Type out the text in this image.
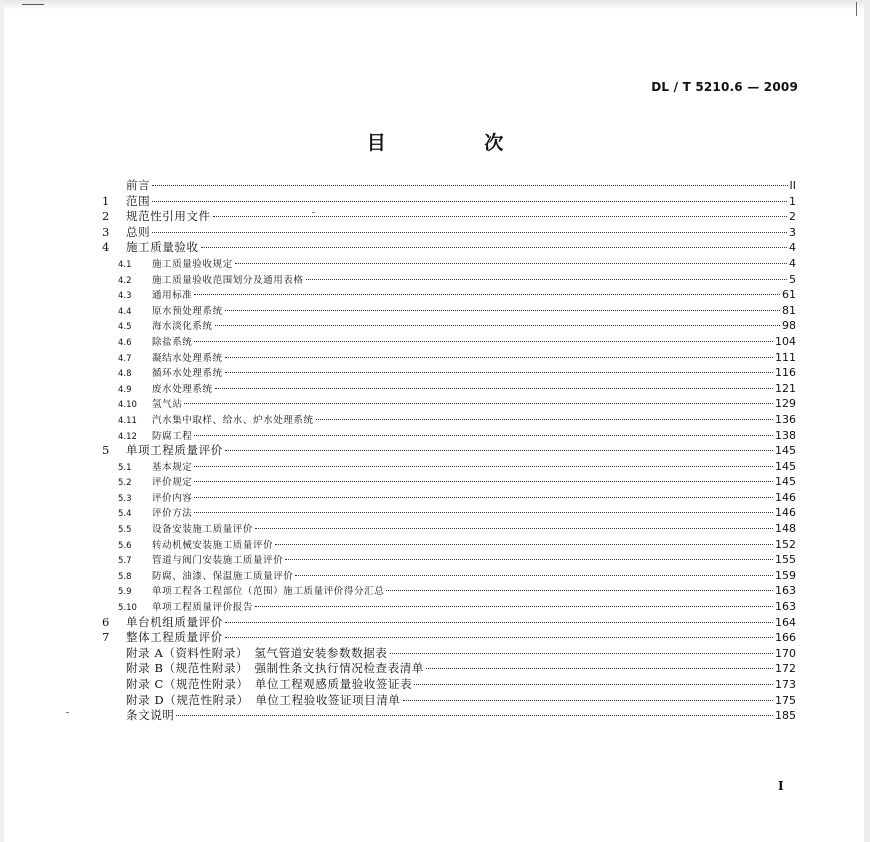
DL / T 5210.6 — 2009
目 次
前言	II
1	范围	1
2	规范性引用文件	2
3	总则	3
4	施工质量验收	4
4.1	施工质量验收规定	4
4.2	施工质量验收范围划分及通用表格	5
4.3	通用标准	61
4.4	原水预处理系统	81
4.5	海水淡化系统	98
4.6	除盐系统	104
4.7	凝结水处理系统	111
4.8	循环水处理系统	116
4.9	废水处理系统	121
4.10	氢气站	129
4.11	汽水集中取样、给水、炉水处理系统	136
4.12	防腐工程	138
5	单项工程质量评价	145
5.1	基本规定	145
5.2	评价规定	145
5.3	评价内容	146
5.4	评价方法	146
5.5	设备安装施工质量评价	148
5.6	转动机械安装施工质量评价	152
5.7	管道与阀门安装施工质量评价	155
5.8	防腐、油漆、保温施工质量评价	159
5.9	单项工程各工程部位（范围）施工质量评价得分汇总	163
5.10	单项工程质量评价报告	163
6	单台机组质量评价	164
7	整体工程质量评价	166
附录 A（资料性附录）　氢气管道安装参数数据表	170
附录 B（规范性附录）　强制性条文执行情况检查表清单	172
附录 C（规范性附录）　单位工程观感质量验收签证表	173
附录 D（规范性附录）　单位工程验收签证项目清单	175
条文说明	185
I
